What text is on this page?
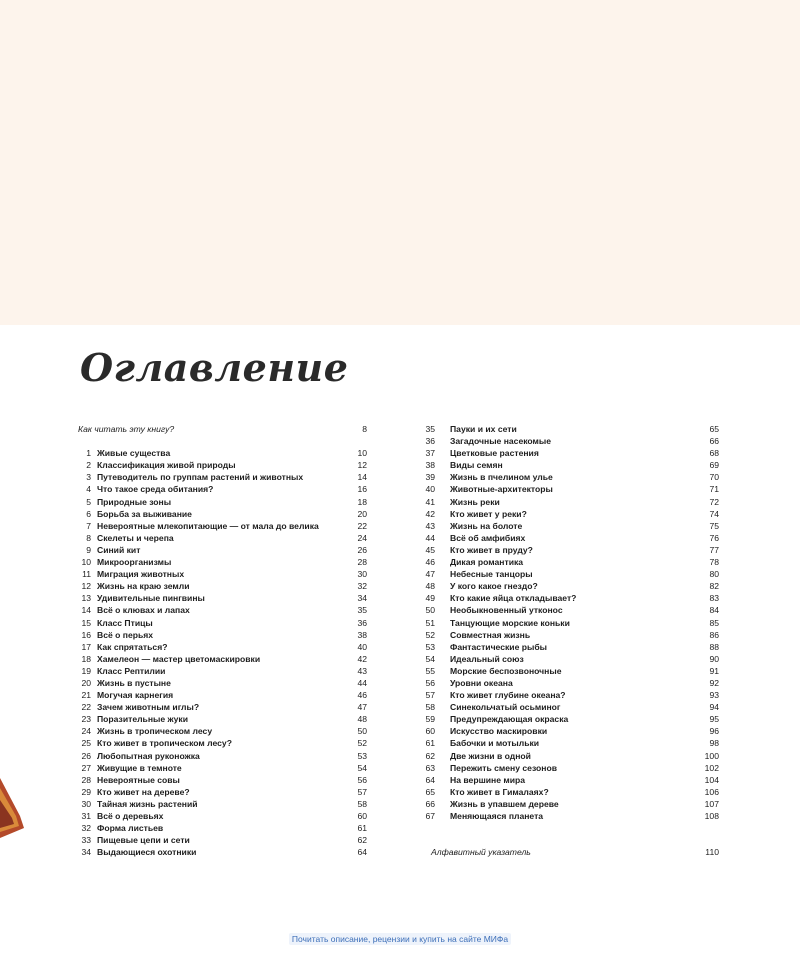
Оглавление
Как читать эту книгу?	8
1 Живые существа	10
2 Классификация живой природы	12
3 Путеводитель по группам растений и животных	14
4 Что такое среда обитания?	16
5 Природные зоны	18
6 Борьба за выживание	20
7 Невероятные млекопитающие — от мала до велика	22
8 Скелеты и черепа	24
9 Синий кит	26
10 Микроорганизмы	28
11 Миграция животных	30
12 Жизнь на краю земли	32
13 Удивительные пингвины	34
14 Всё о клювах и лапах	35
15 Класс Птицы	36
16 Всё о перьях	38
17 Как спрятаться?	40
18 Хамелеон — мастер цветомаскировки	42
19 Класс Рептилии	43
20 Жизнь в пустыне	44
21 Могучая карнегия	46
22 Зачем животным иглы?	47
23 Поразительные жуки	48
24 Жизнь в тропическом лесу	50
25 Кто живет в тропическом лесу?	52
26 Любопытная руконожка	53
27 Живущие в темноте	54
28 Невероятные совы	56
29 Кто живет на дереве?	57
30 Тайная жизнь растений	58
31 Всё о деревьях	60
32 Форма листьев	61
33 Пищевые цепи и сети	62
34 Выдающиеся охотники	64
35 Пауки и их сети	65
36 Загадочные насекомые	66
37 Цветковые растения	68
38 Виды семян	69
39 Жизнь в пчелином улье	70
40 Животные-архитекторы	71
41 Жизнь реки	72
42 Кто живет у реки?	74
43 Жизнь на болоте	75
44 Всё об амфибиях	76
45 Кто живет в пруду?	77
46 Дикая романтика	78
47 Небесные танцоры	80
48 У кого какое гнездо?	82
49 Кто какие яйца откладывает?	83
50 Необыкновенный утконос	84
51 Танцующие морские коньки	85
52 Совместная жизнь	86
53 Фантастические рыбы	88
54 Идеальный союз	90
55 Морские беспозвоночные	91
56 Уровни океана	92
57 Кто живет глубине океана?	93
58 Синекольчатый осьминог	94
59 Предупреждающая окраска	95
60 Искусство маскировки	96
61 Бабочки и мотыльки	98
62 Две жизни в одной	100
63 Пережить смену сезонов	102
64 На вершине мира	104
65 Кто живет в Гималаях?	106
66 Жизнь в упавшем дереве	107
67 Меняющаяся планета	108
Алфавитный указатель	110
Почитать описание, рецензии и купить на сайте МИФа
